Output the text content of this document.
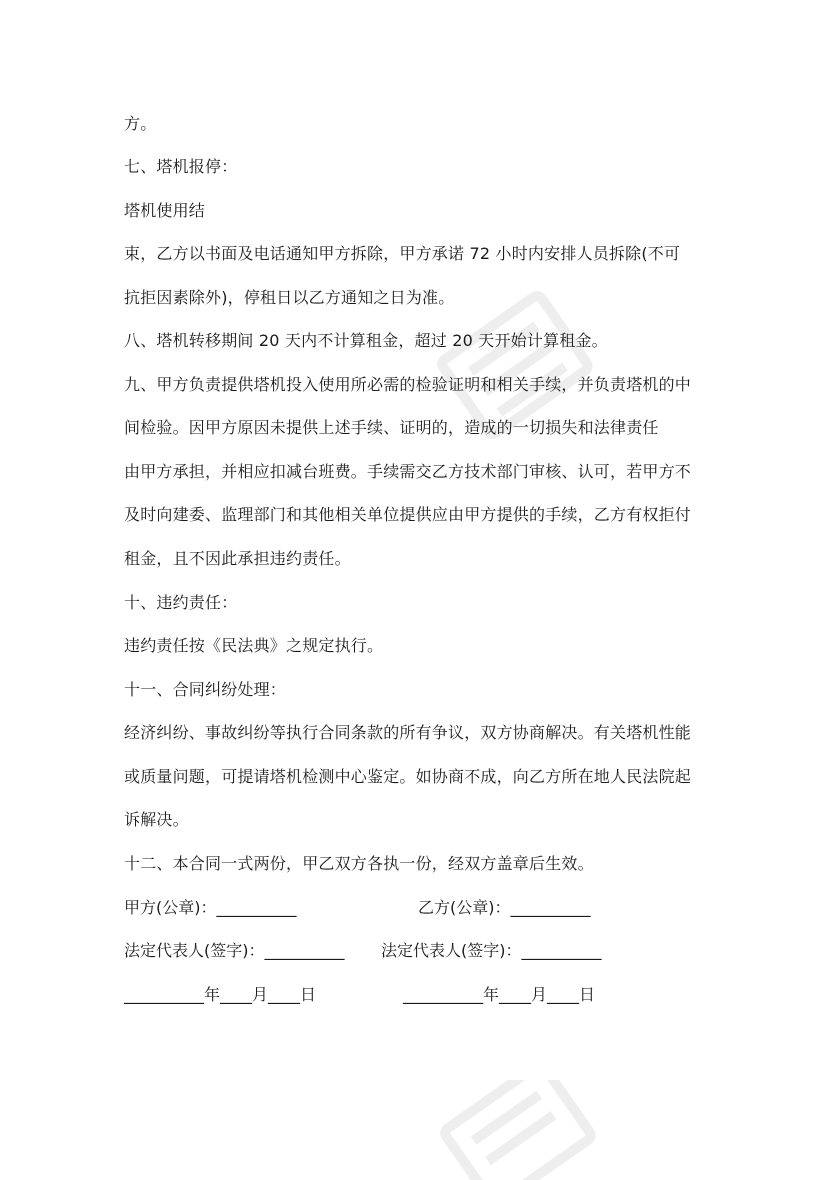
方。
七、塔机报停：
塔机使用结
束，乙方以书面及电话通知甲方拆除，甲方承诺 72 小时内安排人员拆除(不可
抗拒因素除外)，停租日以乙方通知之日为准。
八、塔机转移期间 20 天内不计算租金，超过 20 天开始计算租金。
九、甲方负责提供塔机投入使用所必需的检验证明和相关手续，并负责塔机的中
间检验。因甲方原因未提供上述手续、证明的，造成的一切损失和法律责任
由甲方承担，并相应扣减台班费。手续需交乙方技术部门审核、认可，若甲方不
及时向建委、监理部门和其他相关单位提供应由甲方提供的手续，乙方有权拒付
租金，且不因此承担违约责任。
十、违约责任：
违约责任按《民法典》之规定执行。
十一、合同纠纷处理：
经济纠纷、事故纠纷等执行合同条款的所有争议，双方协商解决。有关塔机性能
或质量问题，可提请塔机检测中心鉴定。如协商不成，向乙方所在地人民法院起
诉解决。
十二、本合同一式两份，甲乙双方各执一份，经双方盖章后生效。
甲方(公章)：__________	乙方(公章)：__________
法定代表人(签字)：__________ 法定代表人(签字)：__________
__________年____月____日	__________年____月____日
